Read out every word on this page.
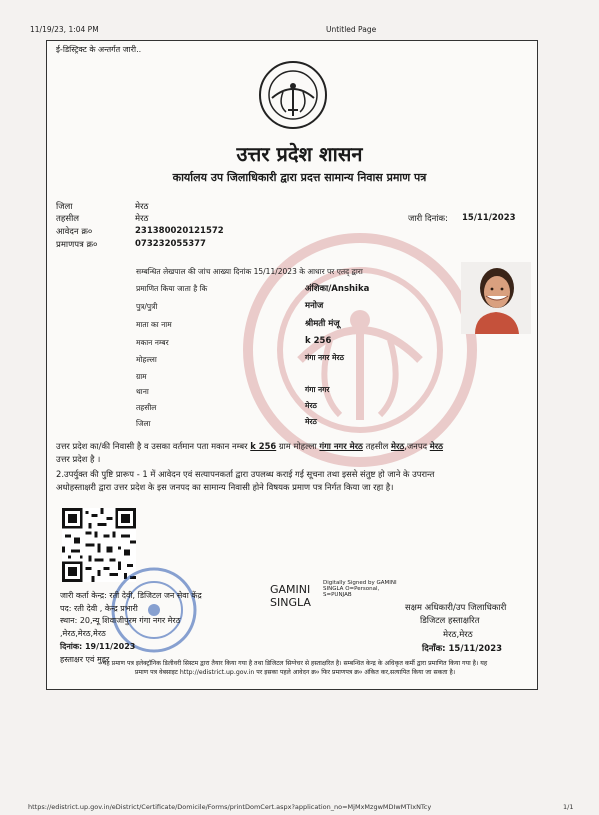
11/19/23, 1:04 PM	Untitled Page
ई-डिस्ट्रिक्ट के अन्तर्गत जारी..
उत्तर प्रदेश शासन
कार्यालय उप जिलाधिकारी द्वारा प्रदत्त सामान्य निवास प्रमाण पत्र
जिला	मेरठ
तहसील	मेरठ
आवेदन क्र०	231380020121572
प्रमाणपत्र क्र०	073232055377
जारी दिनांक: 15/11/2023
सम्बन्धित लेखपाल की जांच आख्या दिनांक 15/11/2023 के आधार पर एतद् द्वारा
प्रमाणित किया जाता है कि	अंशिका/Anshika
पुत्र/पुत्री	मनोज
माता का नाम	श्रीमती मंजू
मकान नम्बर	k 256
मोहल्ला	गंगा नगर मेरठ
ग्राम
थाना	गंगा नगर
तहसील	मेरठ
जिला	मेरठ
उत्तर प्रदेश का/की निवासी है व उसका वर्तमान पता मकान नम्बर k 256 ग्राम मोहल्ला गंगा नगर मेरठ तहसील मेरठ,जनपद मेरठ
उत्तर प्रदेश है ।
2.उपर्युक्त की पुष्टि प्रारूप - 1 में आवेदन एवं सत्यापनकर्ता द्वारा उपलब्ध कराई गई सूचना तथा इससे संतुष्ट हो जाने के उपरान्त
अधोहस्ताक्षरी द्वारा उत्तर प्रदेश के इस जनपद का सामान्य निवासी होने विषयक प्रमाण पत्र निर्गत किया जा रहा है।
जारी कर्ता केन्द्र: रती देवी, डिजिटल जन सेवा केंद्र
पद: रती देवी , केन्द्र प्रभारी
स्थान: 20,न्यू शिवाजीपुरम गंगा नगर मेरठ
,मेरठ,मेरठ,मेरठ
दिनांक: 19/11/2023
हस्ताक्षर एवं मुहर
GAMINI
SINGLA
Digitally Signed by GAMINI
SINGLA O=Personal,
S=PUNJAB
सक्षम अधिकारी/उप जिलाधिकारी
डिजिटल हस्ताक्षरित
मेरठ,मेरठ
दिनाँक: 15/11/2023
यह प्रमाण पत्र इलेक्ट्रॉनिक डिलीवरी सिस्टम द्वारा तैयार किया गया है तथा डिजिटल सिग्नेचर से हस्ताक्षरित है। सम्बन्धित केन्द्र के अधिकृत कर्मी द्वारा प्रमाणित किया गया है। यह
प्रमाण पत्र वेबसाइट http://edistrict.up.gov.in पर इसका पहले आवेदन क्र० फिर प्रमाणपत्र क्र० अंकित कर,सत्यापित किया जा सकता है।
https://edistrict.up.gov.in/eDistrict/Certificate/Domicile/Forms/printDomCert.aspx?application_no=MjMxMzgwMDIwMTIxNTcy	1/1
